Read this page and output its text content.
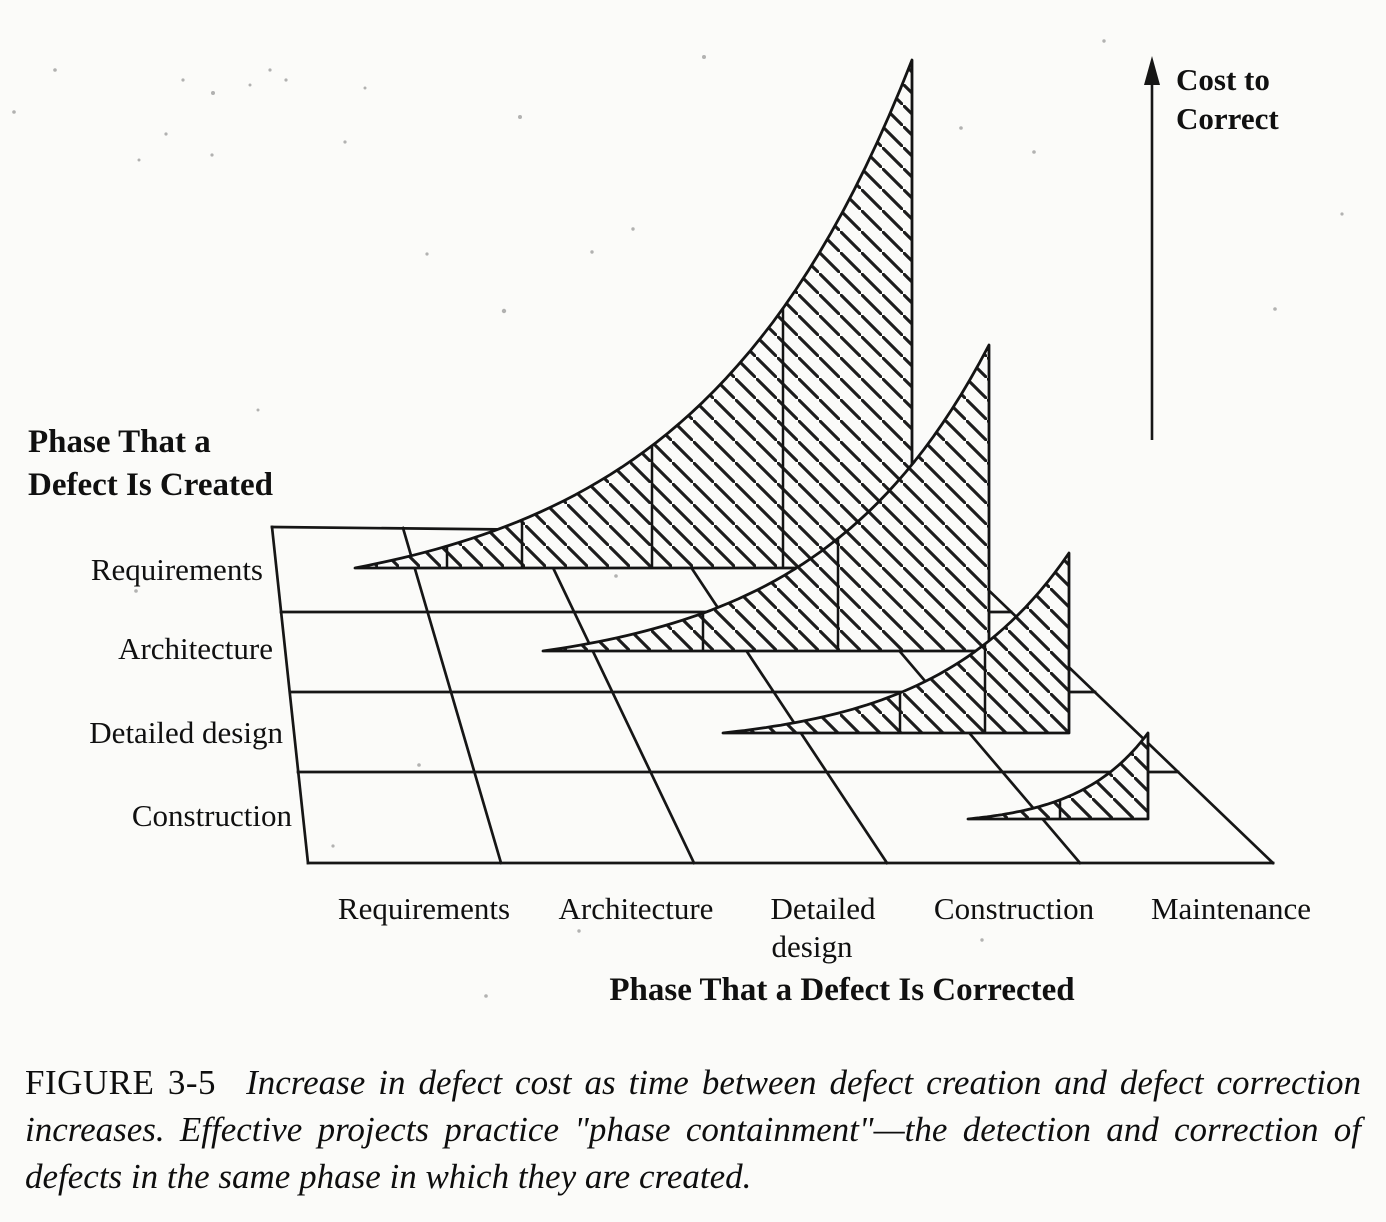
Cost to
Correct
Phase That a
Defect Is Created
Requirements
Architecture
Detailed design
Construction
Requirements Architecture Detailed
design
Construction Maintenance
Phase That a Defect Is Corrected
FIGURE 3-5 Increase in defect cost as time between defect creation and defect correction increases. Effective projects practice "phase containment"—the detection and correction of defects in the same phase in which they are created.
